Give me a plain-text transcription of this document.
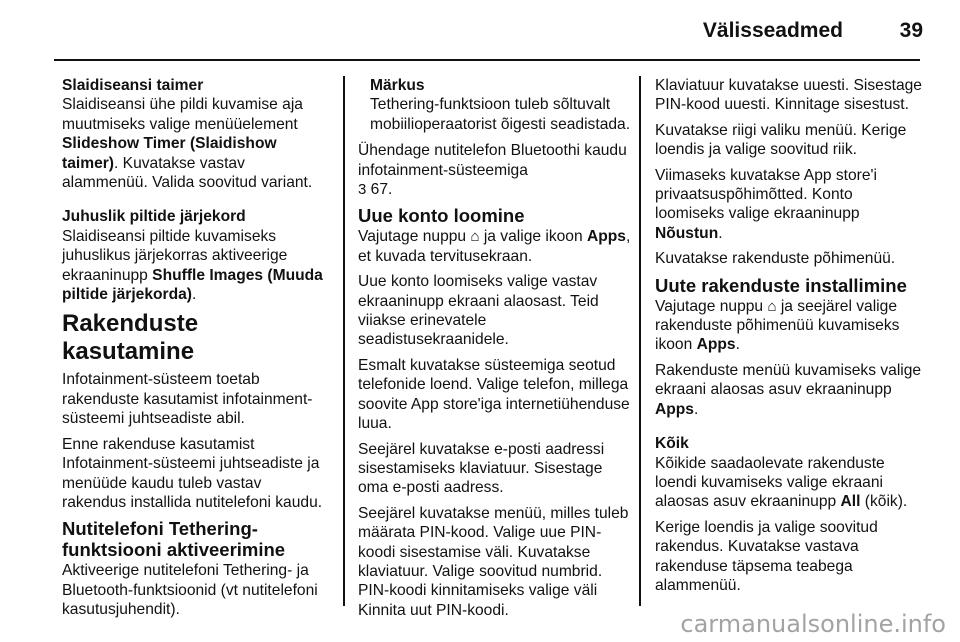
Välisseadmed	39
Slaidiseansi taimer

Slaidiseansi ühe pildi kuvamise aja muutmiseks valige menüüelement Slideshow Timer (Slaidishow taimer). Kuvatakse vastav alammenüü. Valida soovitud variant.

Juhuslik piltide järjekord

Slaidiseansi piltide kuvamiseks juhuslikus järjekorras aktiveerige ekraaninupp Shuffle Images (Muuda piltide järjekorda).

Rakenduste kasutamine

Infotainment-süsteem toetab rakenduste kasutamist infotainment-süsteemi juhtseadiste abil.

Enne rakenduse kasutamist Infotainment-süsteemi juhtseadiste ja menüüde kaudu tuleb vastav rakendus installida nutitelefoni kaudu.

Nutitelefoni Tethering-funktsiooni aktiveerimine

Aktiveerige nutitelefoni Tethering- ja Bluetooth-funktsioonid (vt nutitelefoni kasutusjuhendit).

Märkus
Tethering-funktsioon tuleb sõltuvalt mobiilioperaatorist õigesti seadistada.

Ühendage nutitelefon Bluetoothi kaudu infotainment-süsteemiga
3 67.

Uue konto loomine

Vajutage nuppu ⌂ ja valige ikoon Apps, et kuvada tervitusekraan.

Uue konto loomiseks valige vastav ekraaninupp ekraani alaosast. Teid viiakse erinevatele seadistusekraanidele.

Esmalt kuvatakse süsteemiga seotud telefonide loend. Valige telefon, millega soovite App store'iga internetiühenduse luua.

Seejärel kuvatakse e-posti aadressi sisestamiseks klaviatuur. Sisestage oma e-posti aadress.

Seejärel kuvatakse menüü, milles tuleb määrata PIN-kood. Valige uue PIN-koodi sisestamise väli. Kuvatakse klaviatuur. Valige soovitud numbrid. PIN-koodi kinnitamiseks valige väli Kinnita uut PIN-koodi.

Klaviatuur kuvatakse uuesti. Sisestage PIN-kood uuesti. Kinnitage sisestust.

Kuvatakse riigi valiku menüü. Kerige loendis ja valige soovitud riik.

Viimaseks kuvatakse App store'i privaatsuspõhimõtted. Konto loomiseks valige ekraaninupp Nõustun.

Kuvatakse rakenduste põhimenüü.

Uute rakenduste installimine

Vajutage nuppu ⌂ ja seejärel valige rakenduste põhimenüü kuvamiseks ikoon Apps.

Rakenduste menüü kuvamiseks valige ekraani alaosas asuv ekraaninupp Apps.

Kõik

Kõikide saadaolevate rakenduste loendi kuvamiseks valige ekraani alaosas asuv ekraaninupp All (kõik).

Kerige loendis ja valige soovitud rakendus. Kuvatakse vastava rakenduse täpsema teabega alammenüü.

carmanualsonline.info
